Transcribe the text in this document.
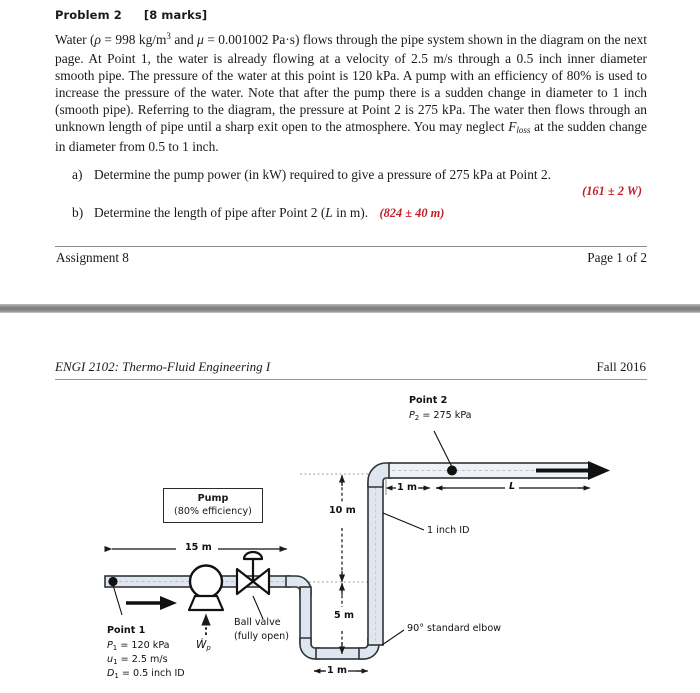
Problem 2 [8 marks]
Water (ρ = 998 $kg/m^3$ and μ = 0.001002 Pa·s) flows through the pipe system shown in the diagram on the next page. At Point 1, the water is already flowing at a velocity of 2.5 m/s through a 0.5 inch inner diameter smooth pipe. The pressure of the water at this point is 120 kPa. A pump with an efficiency of 80% is used to increase the pressure of the water. Note that after the pump there is a sudden change in diameter to 1 inch (smooth pipe). Referring to the diagram, the pressure at Point 2 is 275 kPa. The water then flows through an unknown length of pipe until a sharp exit open to the atmosphere. You may neglect $F_{loss}$ at the sudden change in diameter from 0.5 to 1 inch.
a) Determine the pump power (in kW) required to give a pressure of 275 kPa at Point 2.
(161 ± 2 W)
b) Determine the length of pipe after Point 2 (L in m). (824 ± 40 m)
Assignment 8	Page 1 of 2
ENGI 2102: Thermo-Fluid Engineering I	Fall 2016
Point 2
$P_2 = 275$ kPa
Pump
(80% efficiency)
15 m
10 m
5 m
1 m	L
1 m
1 inch ID
90° standard elbow
Ball valve
(fully open)
Point 1
$P_1 = 120$ kPa
$u_1 = 2.5$ m/s
$D_1 = 0.5$ inch ID
$Ẇ_p$
